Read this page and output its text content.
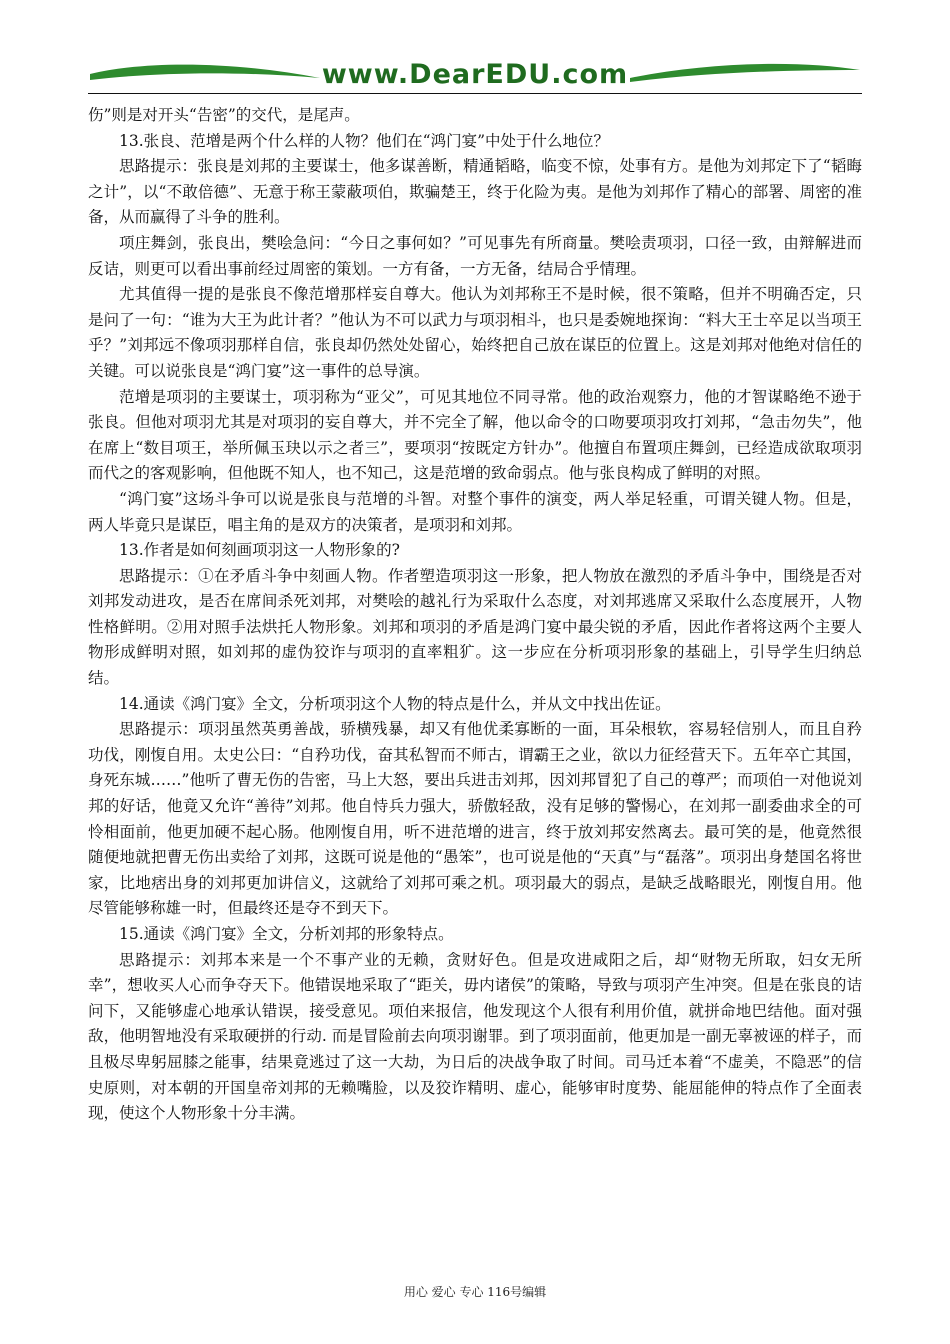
www.DearEDU.com

伤”则是对开头“告密”的交代，是尾声。

13.张良、范增是两个什么样的人物？他们在“鸿门宴”中处于什么地位？

思路提示：张良是刘邦的主要谋士，他多谋善断，精通韬略，临变不惊，处事有方。是他为刘邦定下了“韬晦之计”，以“不敢倍德”、无意于称王蒙蔽项伯，欺骗楚王，终于化险为夷。是他为刘邦作了精心的部署、周密的准备，从而赢得了斗争的胜利。

项庄舞剑，张良出，樊哙急问：“今日之事何如？”可见事先有所商量。樊哙责项羽，口径一致，由辩解进而反诘，则更可以看出事前经过周密的策划。一方有备，一方无备，结局合乎情理。

尤其值得一提的是张良不像范增那样妄自尊大。他认为刘邦称王不是时候，很不策略，但并不明确否定，只是问了一句：“谁为大王为此计者？”他认为不可以武力与项羽相斗，也只是委婉地探询：“料大王士卒足以当项王乎？”刘邦远不像项羽那样自信，张良却仍然处处留心，始终把自己放在谋臣的位置上。这是刘邦对他绝对信任的关键。可以说张良是“鸿门宴”这一事件的总导演。

范增是项羽的主要谋士，项羽称为“亚父”，可见其地位不同寻常。他的政治观察力，他的才智谋略绝不逊于张良。但他对项羽尤其是对项羽的妄自尊大，并不完全了解，他以命令的口吻要项羽攻打刘邦，“急击勿失”，他在席上“数目项王，举所佩玉玦以示之者三”，要项羽“按既定方针办”。他擅自布置项庄舞剑，已经造成欲取项羽而代之的客观影响，但他既不知人，也不知己，这是范增的致命弱点。他与张良构成了鲜明的对照。

“鸿门宴”这场斗争可以说是张良与范增的斗智。对整个事件的演变，两人举足轻重，可谓关键人物。但是，两人毕竟只是谋臣，唱主角的是双方的决策者，是项羽和刘邦。

13.作者是如何刻画项羽这一人物形象的?

思路提示：①在矛盾斗争中刻画人物。作者塑造项羽这一形象，把人物放在激烈的矛盾斗争中，围绕是否对刘邦发动进攻，是否在席间杀死刘邦，对樊哙的越礼行为采取什么态度，对刘邦逃席又采取什么态度展开，人物性格鲜明。②用对照手法烘托人物形象。刘邦和项羽的矛盾是鸿门宴中最尖锐的矛盾，因此作者将这两个主要人物形成鲜明对照，如刘邦的虚伪狡诈与项羽的直率粗犷。这一步应在分析项羽形象的基础上，引导学生归纳总结。

14.通读《鸿门宴》全文，分析项羽这个人物的特点是什么，并从文中找出佐证。

思路提示：项羽虽然英勇善战，骄横残暴，却又有他优柔寡断的一面，耳朵根软，容易轻信别人，而且自矜功伐，刚愎自用。太史公曰：“自矜功伐，奋其私智而不师古，谓霸王之业，欲以力征经营天下。五年卒亡其国，身死东城……”他听了曹无伤的告密，马上大怒，要出兵进击刘邦，因刘邦冒犯了自己的尊严；而项伯一对他说刘邦的好话，他竟又允许“善待”刘邦。他自恃兵力强大，骄傲轻敌，没有足够的警惕心，在刘邦一副委曲求全的可怜相面前，他更加硬不起心肠。他刚愎自用，听不进范增的进言，终于放刘邦安然离去。最可笑的是，他竟然很随便地就把曹无伤出卖给了刘邦，这既可说是他的“愚笨”，也可说是他的“天真”与“磊落”。项羽出身楚国名将世家，比地痞出身的刘邦更加讲信义，这就给了刘邦可乘之机。项羽最大的弱点，是缺乏战略眼光，刚愎自用。他尽管能够称雄一时，但最终还是夺不到天下。

15.通读《鸿门宴》全文，分析刘邦的形象特点。

思路提示：刘邦本来是一个不事产业的无赖，贪财好色。但是攻进咸阳之后，却“财物无所取，妇女无所幸”，想收买人心而争夺天下。他错误地采取了“距关，毋内诸侯”的策略，导致与项羽产生冲突。但是在张良的诘问下，又能够虚心地承认错误，接受意见。项伯来报信，他发现这个人很有利用价值，就拼命地巴结他。面对强敌，他明智地没有采取硬拼的行动. 而是冒险前去向项羽谢罪。到了项羽面前，他更加是一副无辜被诬的样子，而且极尽卑躬屈膝之能事，结果竟逃过了这一大劫，为日后的决战争取了时间。司马迁本着“不虚美，不隐恶”的信史原则，对本朝的开国皇帝刘邦的无赖嘴脸，以及狡诈精明、虚心，能够审时度势、能屈能伸的特点作了全面表现，使这个人物形象十分丰满。

用心 爱心 专心 116号编辑
